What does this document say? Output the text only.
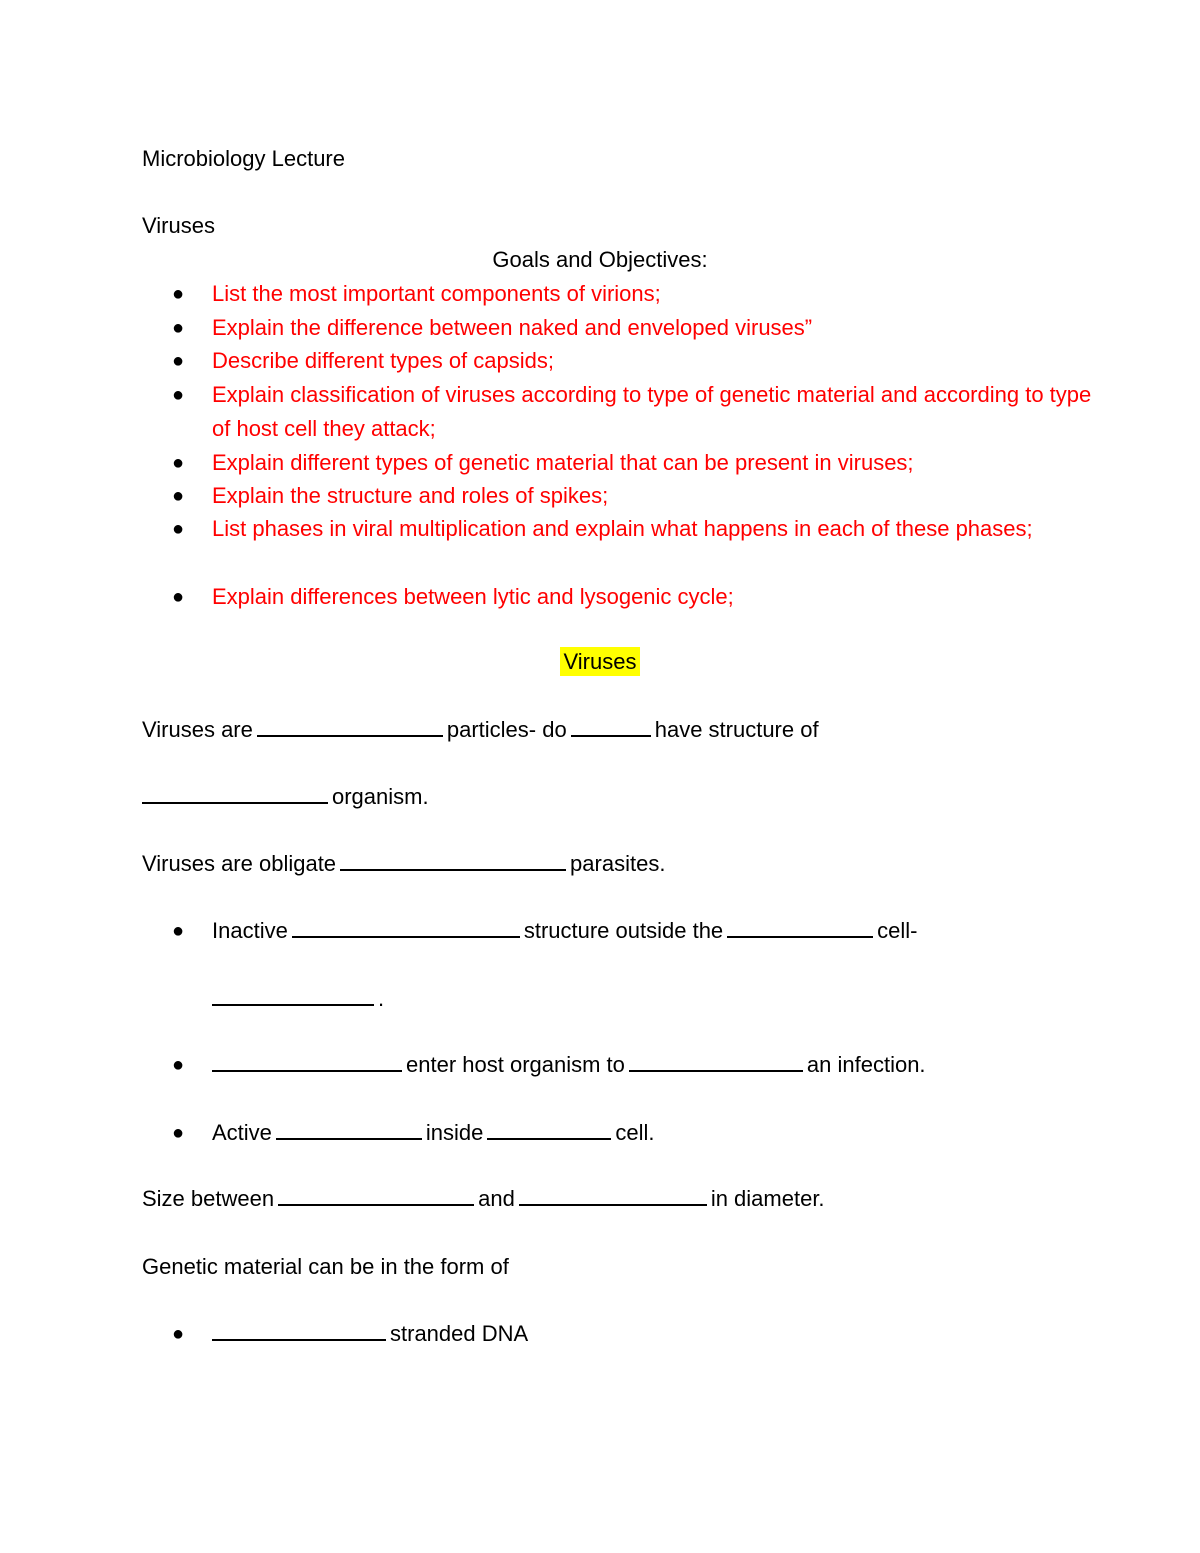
Microbiology Lecture
Viruses
Goals and Objectives:
● List the most important components of virions;
● Explain the difference between naked and enveloped viruses”
● Describe different types of capsids;
● Explain classification of viruses according to type of genetic material and according to type of host cell they attack;
● Explain different types of genetic material that can be present in viruses;
● Explain the structure and roles of spikes;
● List phases in viral multiplication and explain what happens in each of these phases;
● Explain differences between lytic and lysogenic cycle;
Viruses
Viruses are	particles- do	have structure of
organism.
Viruses are obligate	parasites.
● Inactive	structure outside the	cell-
.
●	enter host organism to	an infection.
● Active	inside	cell.
Size between	and	in diameter.
Genetic material can be in the form of
●	stranded DNA
